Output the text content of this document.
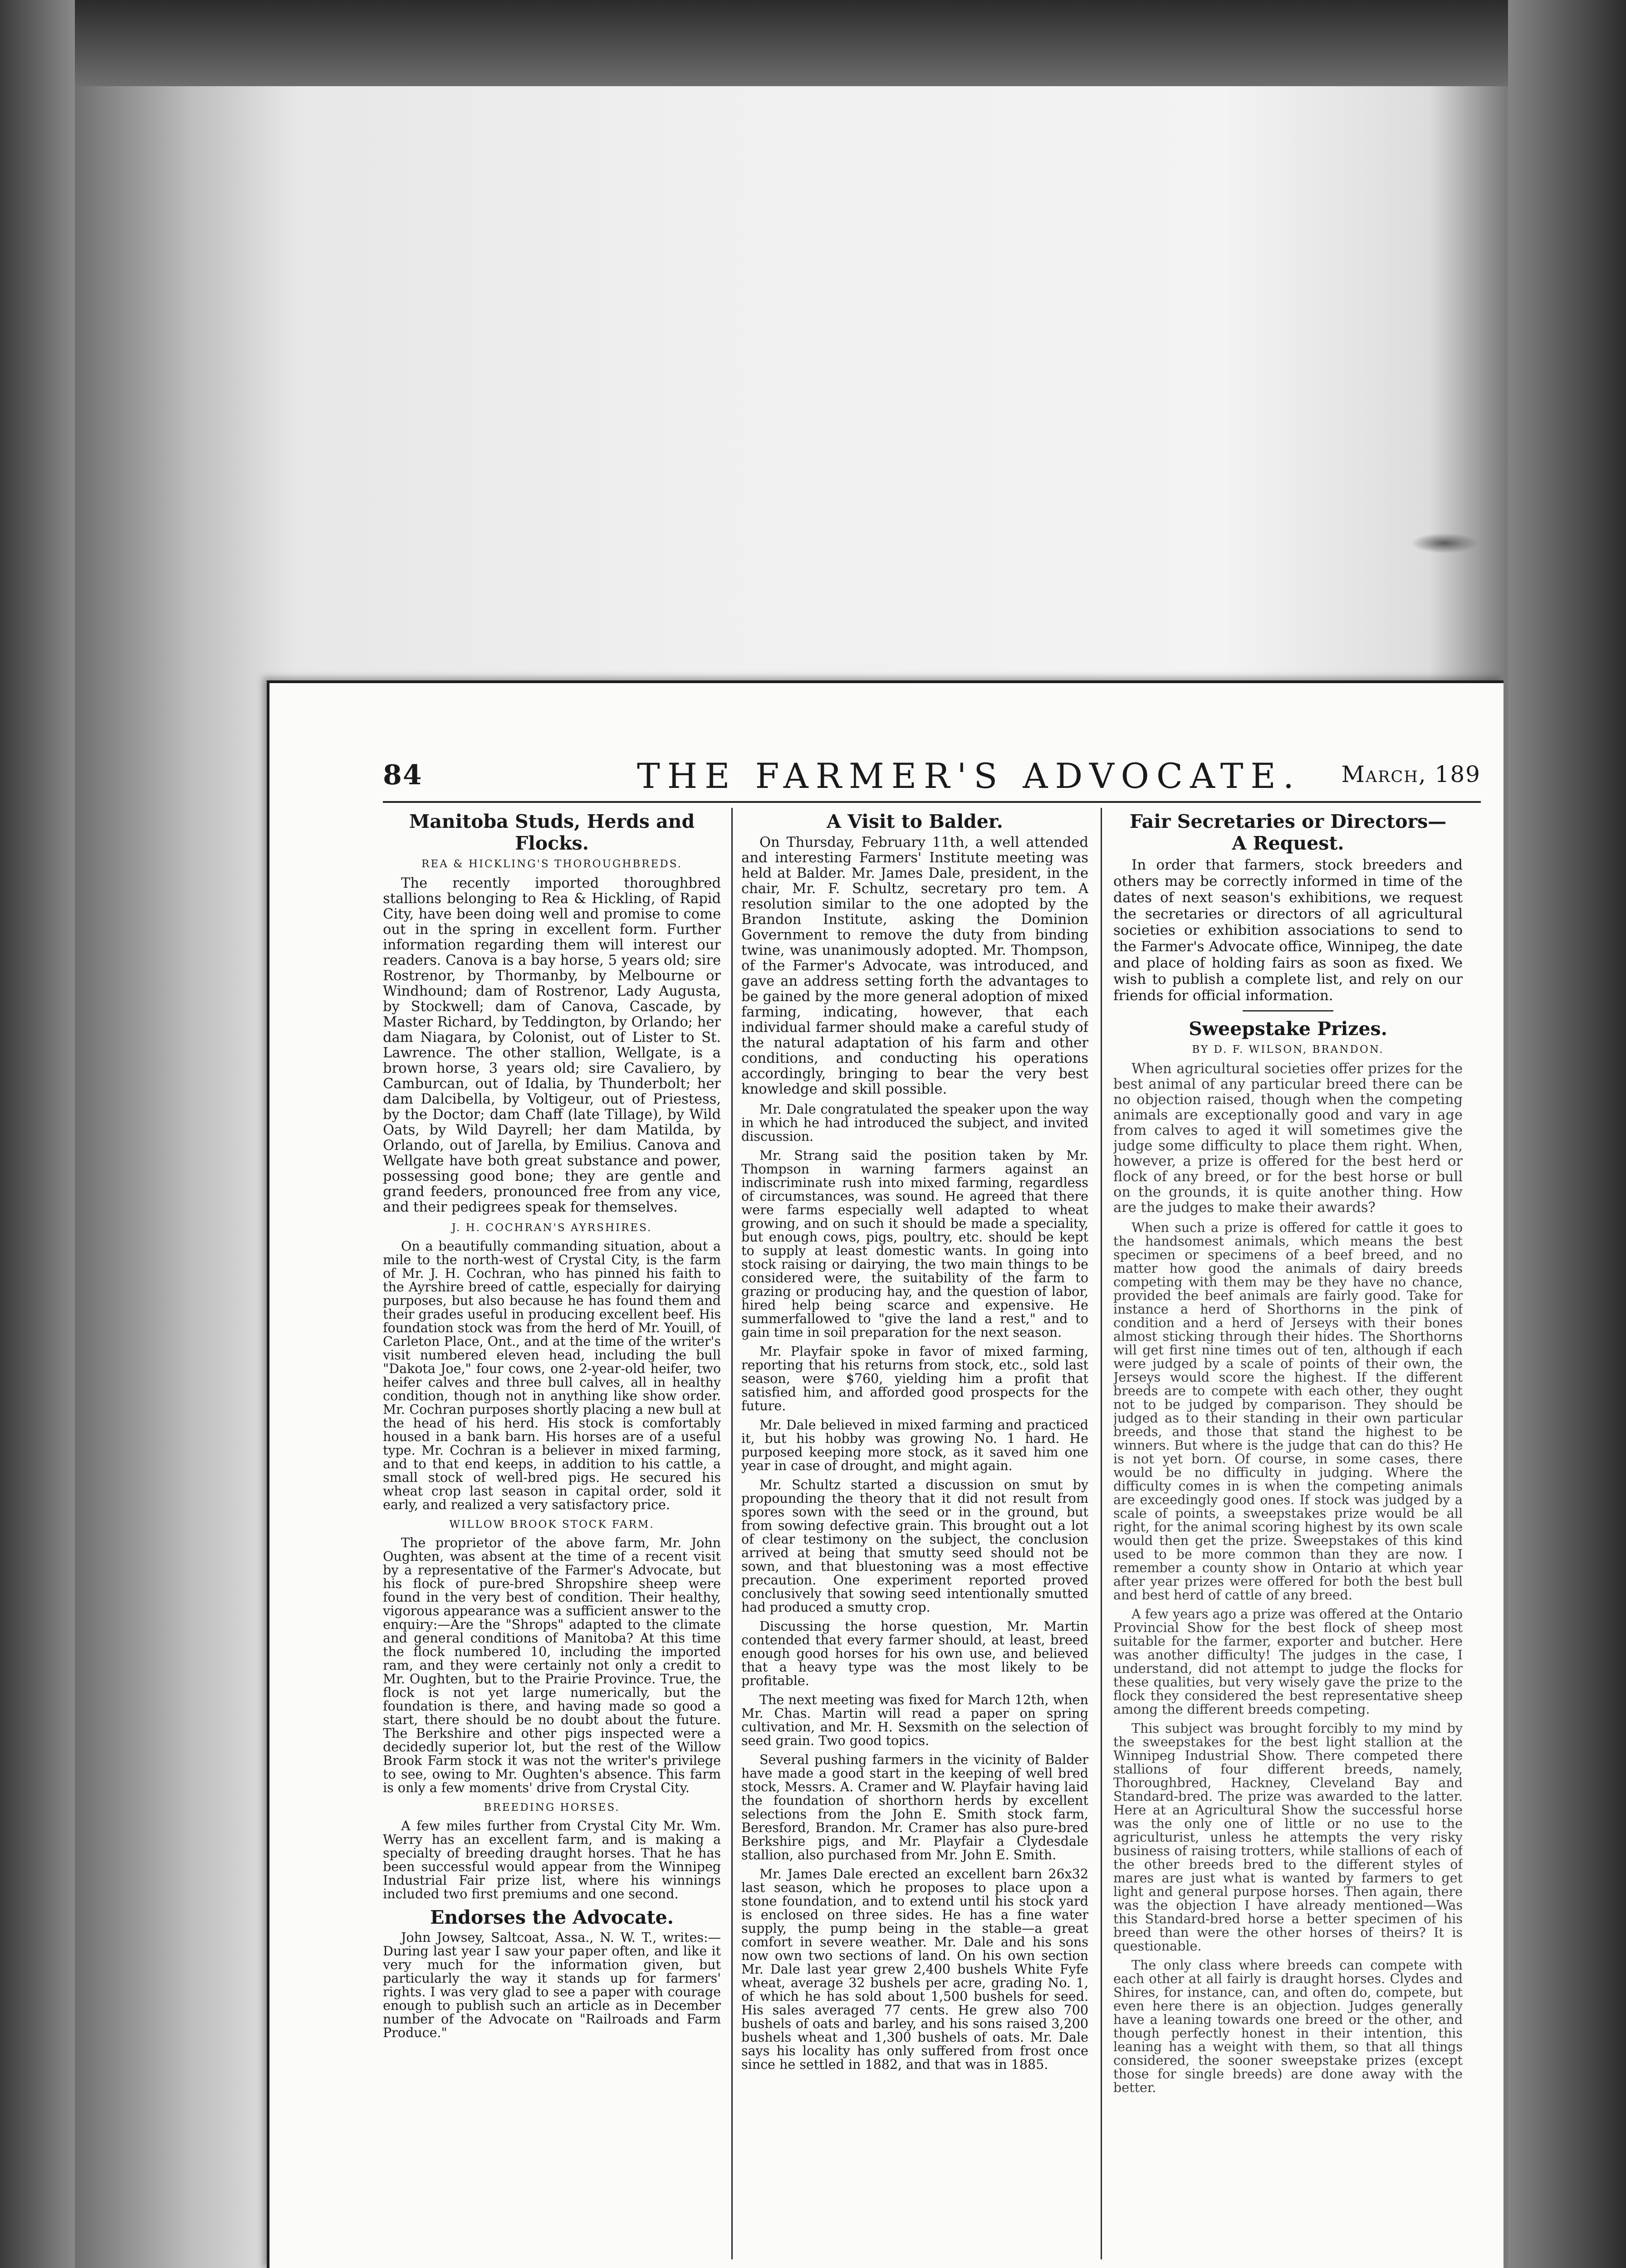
84	THE FARMER'S ADVOCATE. March, 189
Manitoba Studs, Herds and Flocks.
REA & HICKLING'S THOROUGHBREDS.

The recently imported thoroughbred stallions belonging to Rea & Hickling, of Rapid City, have been doing well and promise to come out in the spring in excellent form. Further information regarding them will interest our readers. Canova is a bay horse, 5 years old; sire Rostrenor, by Thormanby, by Melbourne or Windhound; dam of Rostrenor, Lady Augusta, by Stockwell; dam of Canova, Cascade, by Master Richard, by Teddington, by Orlando; her dam Niagara, by Colonist, out of Lister to St. Lawrence. The other stallion, Wellgate, is a brown horse, 3 years old; sire Cavaliero, by Camburcan, out of Idalia, by Thunderbolt; her dam Dalcibella, by Voltigeur, out of Priestess, by the Doctor; dam Chaff (late Tillage), by Wild Oats, by Wild Dayrell; her dam Matilda, by Orlando, out of Jarella, by Emilius. Canova and Wellgate have both great substance and power, possessing good bone; they are gentle and grand feeders, pronounced free from any vice, and their pedigrees speak for themselves.

J. H. COCHRAN'S AYRSHIRES.

On a beautifully commanding situation, about a mile to the north-west of Crystal City, is the farm of Mr. J. H. Cochran, who has pinned his faith to the Ayrshire breed of cattle, especially for dairying purposes, but also because he has found them and their grades useful in producing excellent beef. His foundation stock was from the herd of Mr. Youill, of Carleton Place, Ont., and at the time of the writer's visit numbered eleven head, including the bull "Dakota Joe," four cows, one 2-year-old heifer, two heifer calves and three bull calves, all in healthy condition, though not in anything like show order. Mr. Cochran purposes shortly placing a new bull at the head of his herd. His stock is comfortably housed in a bank barn. His horses are of a useful type. Mr. Cochran is a believer in mixed farming, and to that end keeps, in addition to his cattle, a small stock of well-bred pigs. He secured his wheat crop last season in capital order, sold it early, and realized a very satisfactory price.

WILLOW BROOK STOCK FARM.

The proprietor of the above farm, Mr. John Oughten, was absent at the time of a recent visit by a representative of the Farmer's Advocate, but his flock of pure-bred Shropshire sheep were found in the very best of condition. Their healthy, vigorous appearance was a sufficient answer to the enquiry:—Are the "Shrops" adapted to the climate and general conditions of Manitoba? At this time the flock numbered 10, including the imported ram, and they were certainly not only a credit to Mr. Oughten, but to the Prairie Province. True, the flock is not yet large numerically, but the foundation is there, and having made so good a start, there should be no doubt about the future. The Berkshire and other pigs inspected were a decidedly superior lot, but the rest of the Willow Brook Farm stock it was not the writer's privilege to see, owing to Mr. Oughten's absence. This farm is only a few moments' drive from Crystal City.

BREEDING HORSES.

A few miles further from Crystal City Mr. Wm. Werry has an excellent farm, and is making a specialty of breeding draught horses. That he has been successful would appear from the Winnipeg Industrial Fair prize list, where his winnings included two first premiums and one second.

Endorses the Advocate.

John Jowsey, Saltcoat, Assa., N. W. T., writes:—During last year I saw your paper often, and like it very much for the information given, but particularly the way it stands up for farmers' rights. I was very glad to see a paper with courage enough to publish such an article as in December number of the Advocate on "Railroads and Farm Produce."

A Visit to Balder.

On Thursday, February 11th, a well attended and interesting Farmers' Institute meeting was held at Balder. Mr. James Dale, president, in the chair, Mr. F. Schultz, secretary pro tem. A resolution similar to the one adopted by the Brandon Institute, asking the Dominion Government to remove the duty from binding twine, was unanimously adopted. Mr. Thompson, of the Farmer's Advocate, was introduced, and gave an address setting forth the advantages to be gained by the more general adoption of mixed farming, indicating, however, that each individual farmer should make a careful study of the natural adaptation of his farm and other conditions, and conducting his operations accordingly, bringing to bear the very best knowledge and skill possible.

Mr. Dale congratulated the speaker upon the way in which he had introduced the subject, and invited discussion.

Mr. Strang said the position taken by Mr. Thompson in warning farmers against an indiscriminate rush into mixed farming, regardless of circumstances, was sound. He agreed that there were farms especially well adapted to wheat growing, and on such it should be made a speciality, but enough cows, pigs, poultry, etc. should be kept to supply at least domestic wants. In going into stock raising or dairying, the two main things to be considered were, the suitability of the farm to grazing or producing hay, and the question of labor, hired help being scarce and expensive. He summerfallowed to "give the land a rest," and to gain time in soil preparation for the next season.

Mr. Playfair spoke in favor of mixed farming, reporting that his returns from stock, etc., sold last season, were $760, yielding him a profit that satisfied him, and afforded good prospects for the future.

Mr. Dale believed in mixed farming and practiced it, but his hobby was growing No. 1 hard. He purposed keeping more stock, as it saved him one year in case of drought, and might again.

Mr. Schultz started a discussion on smut by propounding the theory that it did not result from spores sown with the seed or in the ground, but from sowing defective grain. This brought out a lot of clear testimony on the subject, the conclusion arrived at being that smutty seed should not be sown, and that bluestoning was a most effective precaution. One experiment reported proved conclusively that sowing seed intentionally smutted had produced a smutty crop.

Discussing the horse question, Mr. Martin contended that every farmer should, at least, breed enough good horses for his own use, and believed that a heavy type was the most likely to be profitable.

The next meeting was fixed for March 12th, when Mr. Chas. Martin will read a paper on spring cultivation, and Mr. H. Sexsmith on the selection of seed grain. Two good topics.

Several pushing farmers in the vicinity of Balder have made a good start in the keeping of well bred stock, Messrs. A. Cramer and W. Playfair having laid the foundation of shorthorn herds by excellent selections from the John E. Smith stock farm, Beresford, Brandon. Mr. Cramer has also pure-bred Berkshire pigs, and Mr. Playfair a Clydesdale stallion, also purchased from Mr. John E. Smith.

Mr. James Dale erected an excellent barn 26x32 last season, which he proposes to place upon a stone foundation, and to extend until his stock yard is enclosed on three sides. He has a fine water supply, the pump being in the stable—a great comfort in severe weather. Mr. Dale and his sons now own two sections of land. On his own section Mr. Dale last year grew 2,400 bushels White Fyfe wheat, average 32 bushels per acre, grading No. 1, of which he has sold about 1,500 bushels for seed. His sales averaged 77 cents. He grew also 700 bushels of oats and barley, and his sons raised 3,200 bushels wheat and 1,300 bushels of oats. Mr. Dale says his locality has only suffered from frost once since he settled in 1882, and that was in 1885.

Fair Secretaries or Directors—
A Request.

In order that farmers, stock breeders and others may be correctly informed in time of the dates of next season's exhibitions, we request the secretaries or directors of all agricultural societies or exhibition associations to send to the Farmer's Advocate office, Winnipeg, the date and place of holding fairs as soon as fixed. We wish to publish a complete list, and rely on our friends for official information.

Sweepstake Prizes.
BY D. F. WILSON, BRANDON.

When agricultural societies offer prizes for the best animal of any particular breed there can be no objection raised, though when the competing animals are exceptionally good and vary in age from calves to aged it will sometimes give the judge some difficulty to place them right. When, however, a prize is offered for the best herd or flock of any breed, or for the best horse or bull on the grounds, it is quite another thing. How are the judges to make their awards?

When such a prize is offered for cattle it goes to the handsomest animals, which means the best specimen or specimens of a beef breed, and no matter how good the animals of dairy breeds competing with them may be they have no chance, provided the beef animals are fairly good. Take for instance a herd of Shorthorns in the pink of condition and a herd of Jerseys with their bones almost sticking through their hides. The Shorthorns will get first nine times out of ten, although if each were judged by a scale of points of their own, the Jerseys would score the highest. If the different breeds are to compete with each other, they ought not to be judged by comparison. They should be judged as to their standing in their own particular breeds, and those that stand the highest to be winners. But where is the judge that can do this? He is not yet born. Of course, in some cases, there would be no difficulty in judging. Where the difficulty comes in is when the competing animals are exceedingly good ones. If stock was judged by a scale of points, a sweepstakes prize would be all right, for the animal scoring highest by its own scale would then get the prize. Sweepstakes of this kind used to be more common than they are now. I remember a county show in Ontario at which year after year prizes were offered for both the best bull and best herd of cattle of any breed.

A few years ago a prize was offered at the Ontario Provincial Show for the best flock of sheep most suitable for the farmer, exporter and butcher. Here was another difficulty! The judges in the case, I understand, did not attempt to judge the flocks for these qualities, but very wisely gave the prize to the flock they considered the best representative sheep among the different breeds competing.

This subject was brought forcibly to my mind by the sweepstakes for the best light stallion at the Winnipeg Industrial Show. There competed there stallions of four different breeds, namely, Thoroughbred, Hackney, Cleveland Bay and Standard-bred. The prize was awarded to the latter. Here at an Agricultural Show the successful horse was the only one of little or no use to the agriculturist, unless he attempts the very risky business of raising trotters, while stallions of each of the other breeds bred to the different styles of mares are just what is wanted by farmers to get light and general purpose horses. Then again, there was the objection I have already mentioned—Was this Standard-bred horse a better specimen of his breed than were the other horses of theirs? It is questionable.

The only class where breeds can compete with each other at all fairly is draught horses. Clydes and Shires, for instance, can, and often do, compete, but even here there is an objection. Judges generally have a leaning towards one breed or the other, and though perfectly honest in their intention, this leaning has a weight with them, so that all things considered, the sooner sweepstake prizes (except those for single breeds) are done away with the better.
